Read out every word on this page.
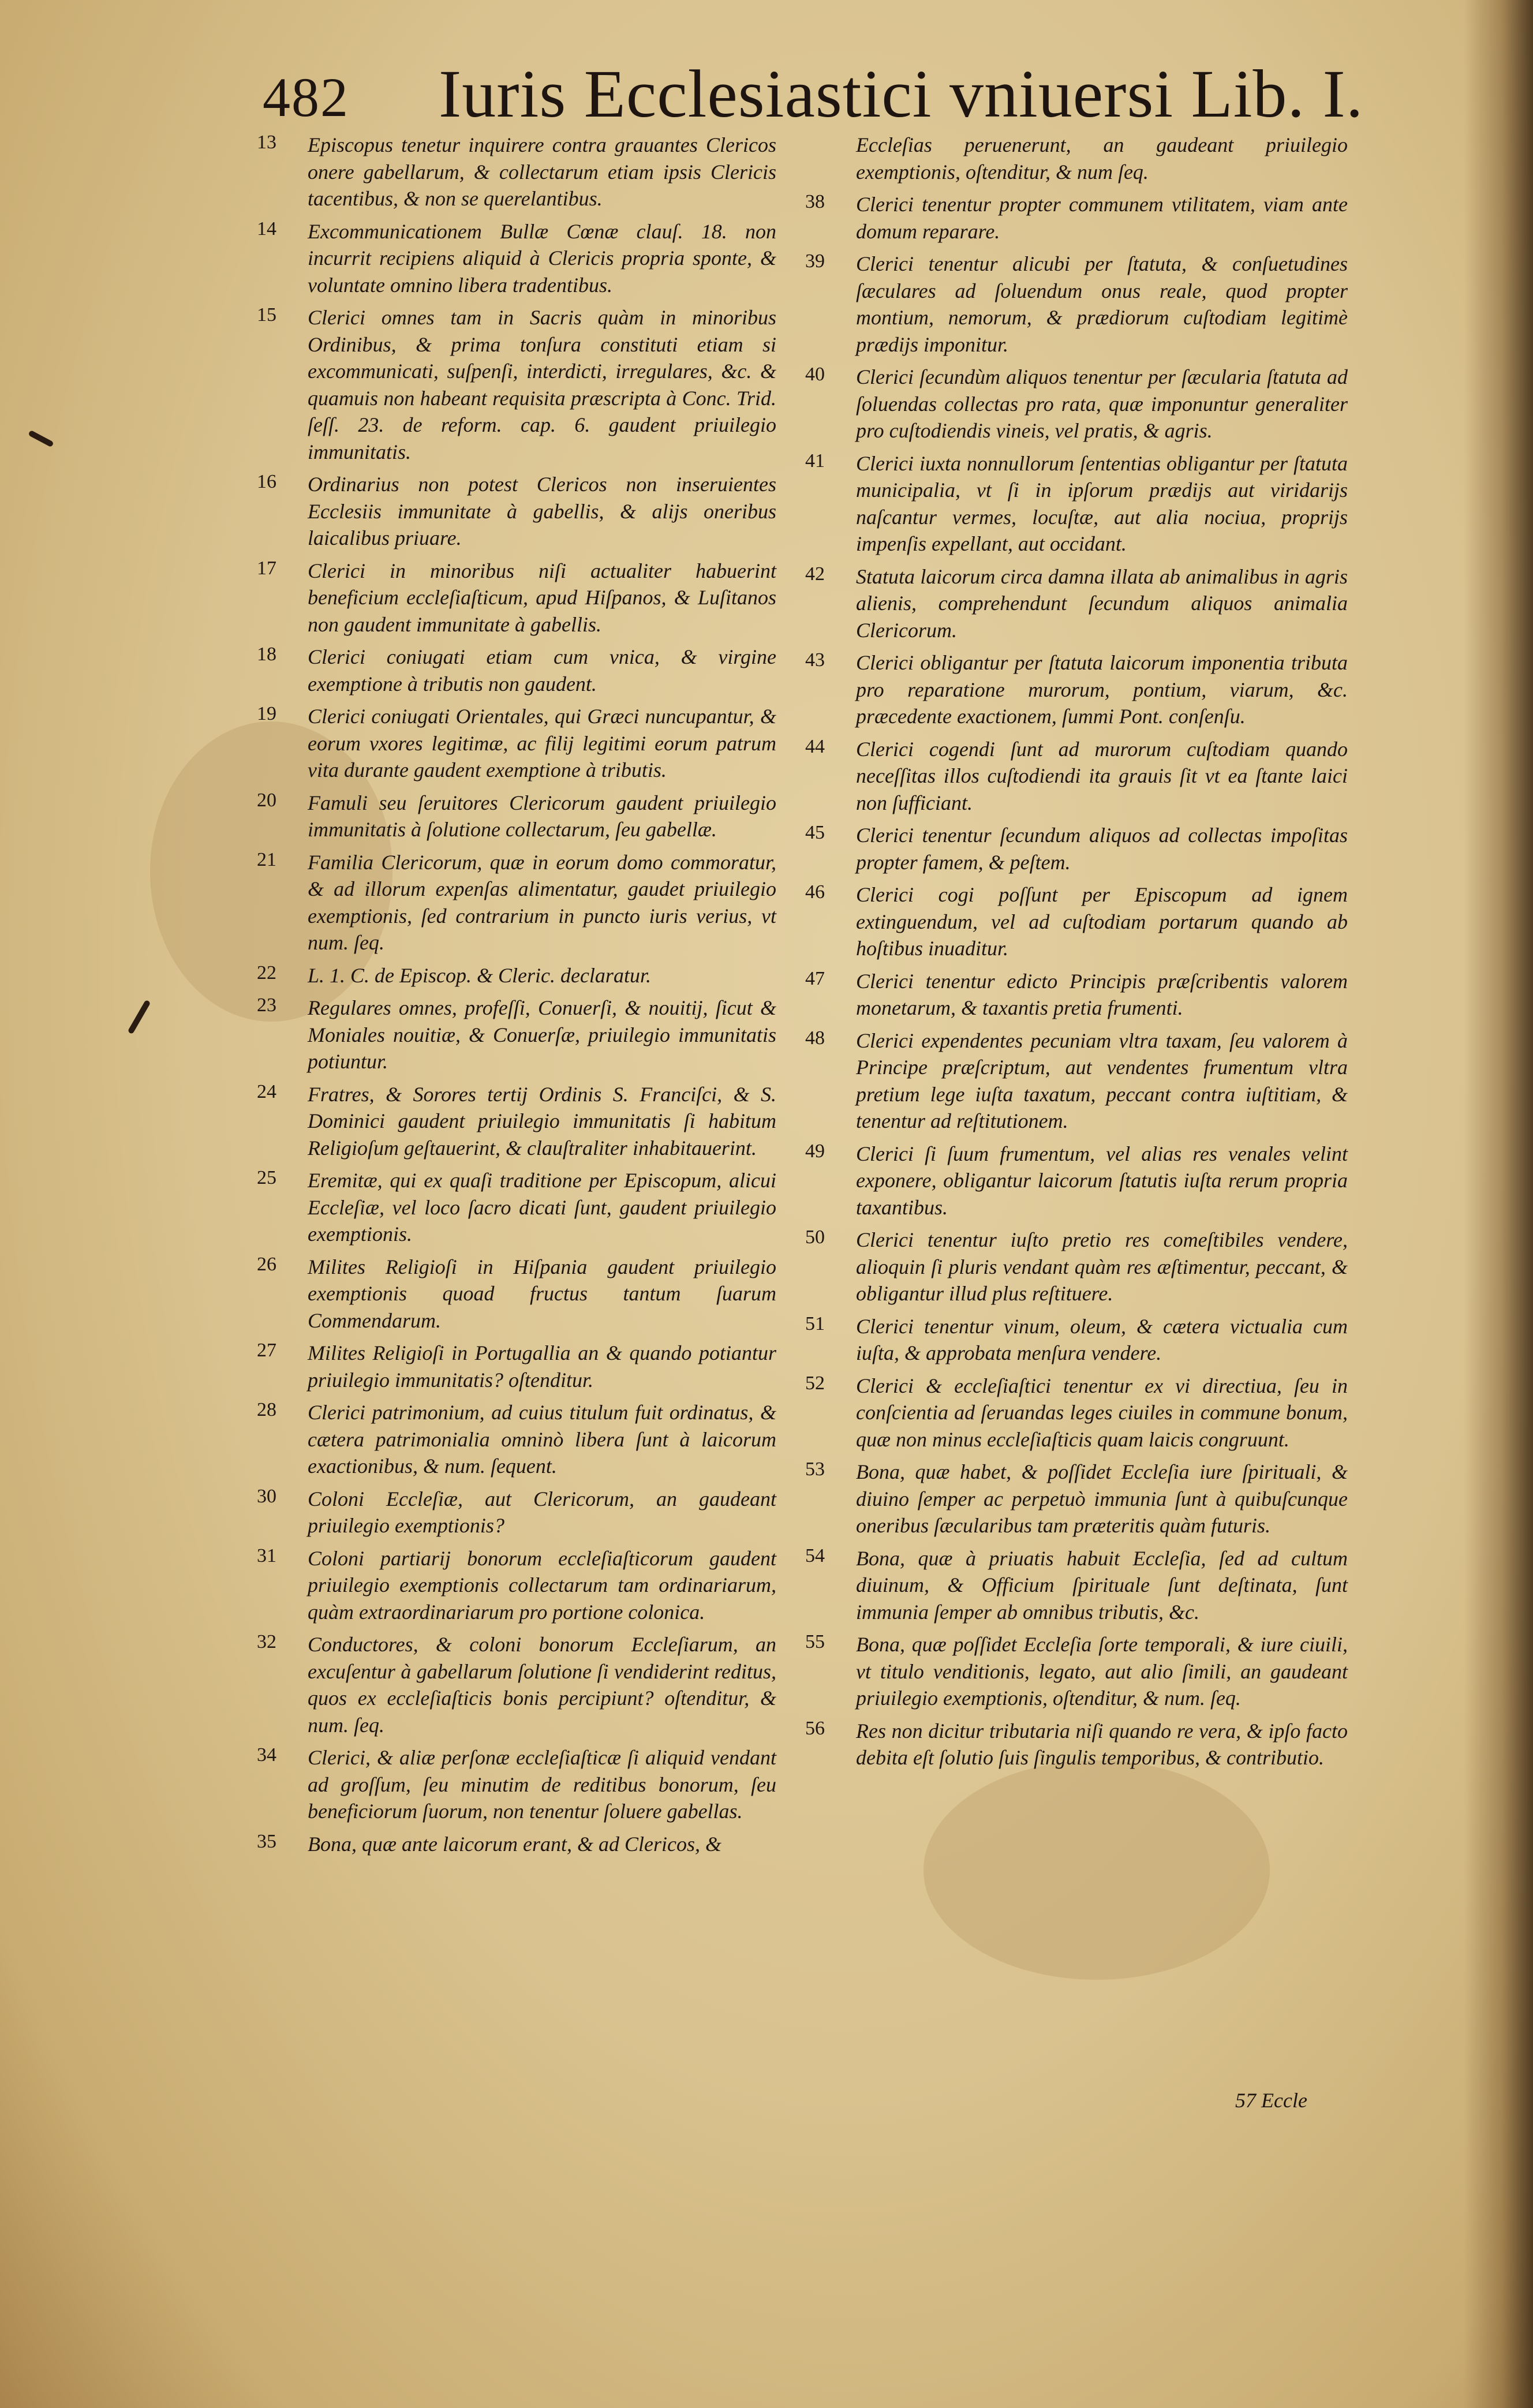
482 Iuris Ecclesiastici vniuersi Lib. I.
13	Episcopus tenetur inquirere contra grauantes Clericos onere gabellarum, & collectarum etiam ipsis Clericis tacentibus, & non se querelantibus.
14	Excommunicationem Bullæ Cœnæ clauſ. 18. non incurrit recipiens aliquid à Clericis propria sponte, & voluntate omnino libera tradentibus.
15	Clerici omnes tam in Sacris quàm in minoribus Ordinibus, & prima tonſura constituti etiam si excommunicati, suſpenſi, interdicti, irregulares, &c. & quamuis non habeant requisita præscripta à Conc. Trid. ſeſſ. 23. de reform. cap. 6. gaudent priuilegio immunitatis.
16	Ordinarius non potest Clericos non inseruientes Ecclesiis immunitate à gabellis, & alijs oneribus laicalibus priuare.
17	Clerici in minoribus niſi actualiter habuerint beneficium eccleſiaſticum, apud Hiſpanos, & Luſitanos non gaudent immunitate à gabellis.
18	Clerici coniugati etiam cum vnica, & virgine exemptione à tributis non gaudent.
19	Clerici coniugati Orientales, qui Græci nuncupantur, & eorum vxores legitimæ, ac filij legitimi eorum patrum vita durante gaudent exemptione à tributis.
20	Famuli seu ſeruitores Clericorum gaudent priuilegio immunitatis à ſolutione collectarum, ſeu gabellæ.
21	Familia Clericorum, quæ in eorum domo commoratur, & ad illorum expenſas alimentatur, gaudet priuilegio exemptionis, ſed contrarium in puncto iuris verius, vt num. ſeq.
22	L. 1. C. de Episcop. & Cleric. declaratur.
23	Regulares omnes, profeſſi, Conuerſi, & nouitij, ſicut & Moniales nouitiæ, & Conuerſæ, priuilegio immunitatis potiuntur.
24	Fratres, & Sorores tertij Ordinis S. Franciſci, & S. Dominici gaudent priuilegio immunitatis ſi habitum Religioſum geſtauerint, & clauſtraliter inhabitauerint.
25	Eremitæ, qui ex quaſi traditione per Episcopum, alicui Eccleſiæ, vel loco ſacro dicati ſunt, gaudent priuilegio exemptionis.
26	Milites Religioſi in Hiſpania gaudent priuilegio exemptionis quoad fructus tantum ſuarum Commendarum.
27	Milites Religioſi in Portugallia an & quando potiantur priuilegio immunitatis? oſtenditur.
28	Clerici patrimonium, ad cuius titulum fuit ordinatus, & cætera patrimonialia omninò libera ſunt à laicorum exactionibus, & num. ſequent.
30	Coloni Eccleſiæ, aut Clericorum, an gaudeant priuilegio exemptionis?
31	Coloni partiarij bonorum eccleſiaſticorum gaudent priuilegio exemptionis collectarum tam ordinariarum, quàm extraordinariarum pro portione colonica.
32	Conductores, & coloni bonorum Eccleſiarum, an excuſentur à gabellarum ſolutione ſi vendiderint reditus, quos ex eccleſiaſticis bonis percipiunt? oſtenditur, & num. ſeq.
34	Clerici, & aliæ perſonæ eccleſiaſticæ ſi aliquid vendant ad groſſum, ſeu minutim de reditibus bonorum, ſeu beneficiorum ſuorum, non tenentur ſoluere gabellas.
35	Bona, quæ ante laicorum erant, & ad Clericos, &
Eccleſias peruenerunt, an gaudeant priuilegio exemptionis, oſtenditur, & num ſeq.
38	Clerici tenentur propter communem vtilitatem, viam ante domum reparare.
39	Clerici tenentur alicubi per ſtatuta, & conſuetudines ſæculares ad ſoluendum onus reale, quod propter montium, nemorum, & prædiorum cuſtodiam legitimè prædijs imponitur.
40	Clerici ſecundùm aliquos tenentur per ſæcularia ſtatuta ad ſoluendas collectas pro rata, quæ imponuntur generaliter pro cuſtodiendis vineis, vel pratis, & agris.
41	Clerici iuxta nonnullorum ſententias obligantur per ſtatuta municipalia, vt ſi in ipſorum prædijs aut viridarijs naſcantur vermes, locuſtæ, aut alia nociua, proprijs impenſis expellant, aut occidant.
42	Statuta laicorum circa damna illata ab animalibus in agris alienis, comprehendunt ſecundum aliquos animalia Clericorum.
43	Clerici obligantur per ſtatuta laicorum imponentia tributa pro reparatione murorum, pontium, viarum, &c. præcedente exactionem, ſummi Pont. conſenſu.
44	Clerici cogendi ſunt ad murorum cuſtodiam quando neceſſitas illos cuſtodiendi ita grauis ſit vt ea ſtante laici non ſufficiant.
45	Clerici tenentur ſecundum aliquos ad collectas impoſitas propter famem, & peſtem.
46	Clerici cogi poſſunt per Episcopum ad ignem extinguendum, vel ad cuſtodiam portarum quando ab hoſtibus inuaditur.
47	Clerici tenentur edicto Principis præſcribentis valorem monetarum, & taxantis pretia frumenti.
48	Clerici expendentes pecuniam vltra taxam, ſeu valorem à Principe præſcriptum, aut vendentes frumentum vltra pretium lege iuſta taxatum, peccant contra iuſtitiam, & tenentur ad reſtitutionem.
49	Clerici ſi ſuum frumentum, vel alias res venales velint exponere, obligantur laicorum ſtatutis iuſta rerum propria taxantibus.
50	Clerici tenentur iuſto pretio res comeſtibiles vendere, alioquin ſi pluris vendant quàm res æſtimentur, peccant, & obligantur illud plus reſtituere.
51	Clerici tenentur vinum, oleum, & cætera victualia cum iuſta, & approbata menſura vendere.
52	Clerici & eccleſiaſtici tenentur ex vi directiua, ſeu in conſcientia ad ſeruandas leges ciuiles in commune bonum, quæ non minus eccleſiaſticis quam laicis congruunt.
53	Bona, quæ habet, & poſſidet Eccleſia iure ſpirituali, & diuino ſemper ac perpetuò immunia ſunt à quibuſcunque oneribus ſæcularibus tam præteritis quàm futuris.
54	Bona, quæ à priuatis habuit Eccleſia, ſed ad cultum diuinum, & Officium ſpirituale ſunt deſtinata, ſunt immunia ſemper ab omnibus tributis, &c.
55	Bona, quæ poſſidet Eccleſia ſorte temporali, & iure ciuili, vt titulo venditionis, legato, aut alio ſimili, an gaudeant priuilegio exemptionis, oſtenditur, & num. ſeq.
56	Res non dicitur tributaria niſi quando re vera, & ipſo facto debita eſt ſolutio ſuis ſingulis temporibus, & contributio.
57 Eccle
